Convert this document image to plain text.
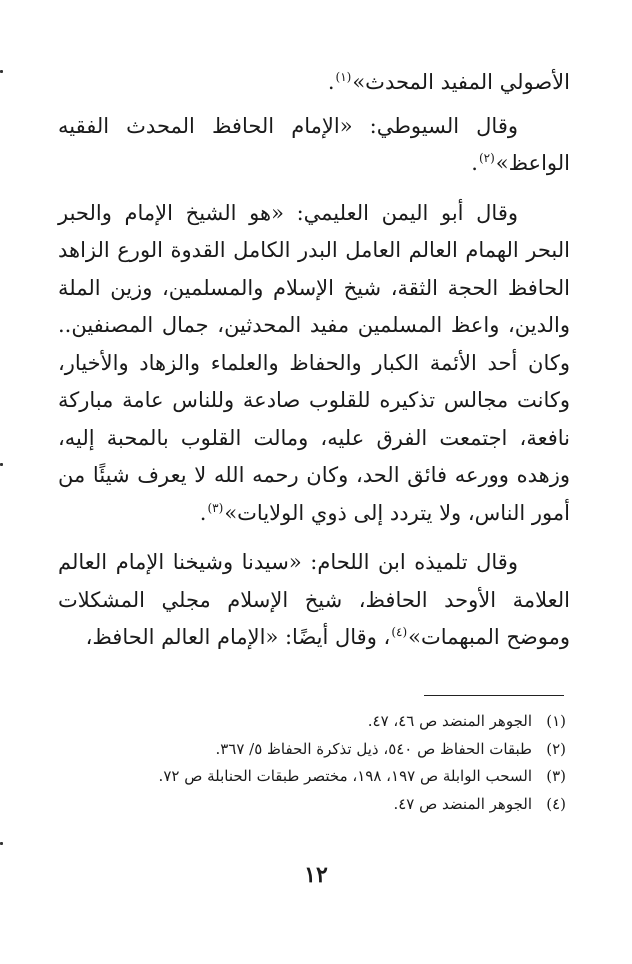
الأصولي المفيد المحدث»$^{(١)}$.

وقال السيوطي: «الإمام الحافظ المحدث الفقيه الواعظ»$^{(٢)}$.

وقال أبو اليمن العليمي: «هو الشيخ الإمام والحبر البحر الهمام العالم العامل البدر الكامل القدوة الورع الزاهد الحافظ الحجة الثقة، شيخ الإسلام والمسلمين، وزين الملة والدين، واعظ المسلمين مفيد المحدثين، جمال المصنفين.. وكان أحد الأئمة الكبار والحفاظ والعلماء والزهاد والأخيار، وكانت مجالس تذكيره للقلوب صادعة وللناس عامة مباركة نافعة، اجتمعت الفرق عليه، ومالت القلوب بالمحبة إليه، وزهده وورعه فائق الحد، وكان رحمه الله لا يعرف شيئًا من أمور الناس، ولا يتردد إلى ذوي الولايات»$^{(٣)}$.

وقال تلميذه ابن اللحام: «سيدنا وشيخنا الإمام العالم العلامة الأوحد الحافظ، شيخ الإسلام مجلي المشكلات وموضح المبهمات»$^{(٤)}$، وقال أيضًا: «الإمام العالم الحافظ،

(١)الجوهر المنضد ص ٤٦، ٤٧.
(٢)طبقات الحفاظ ص ٥٤٠، ذيل تذكرة الحفاظ ٥/ ٣٦٧.
(٣)السحب الوابلة ص ١٩٧، ١٩٨، مختصر طبقات الحنابلة ص ٧٢.
(٤)الجوهر المنضد ص ٤٧.
١٢
